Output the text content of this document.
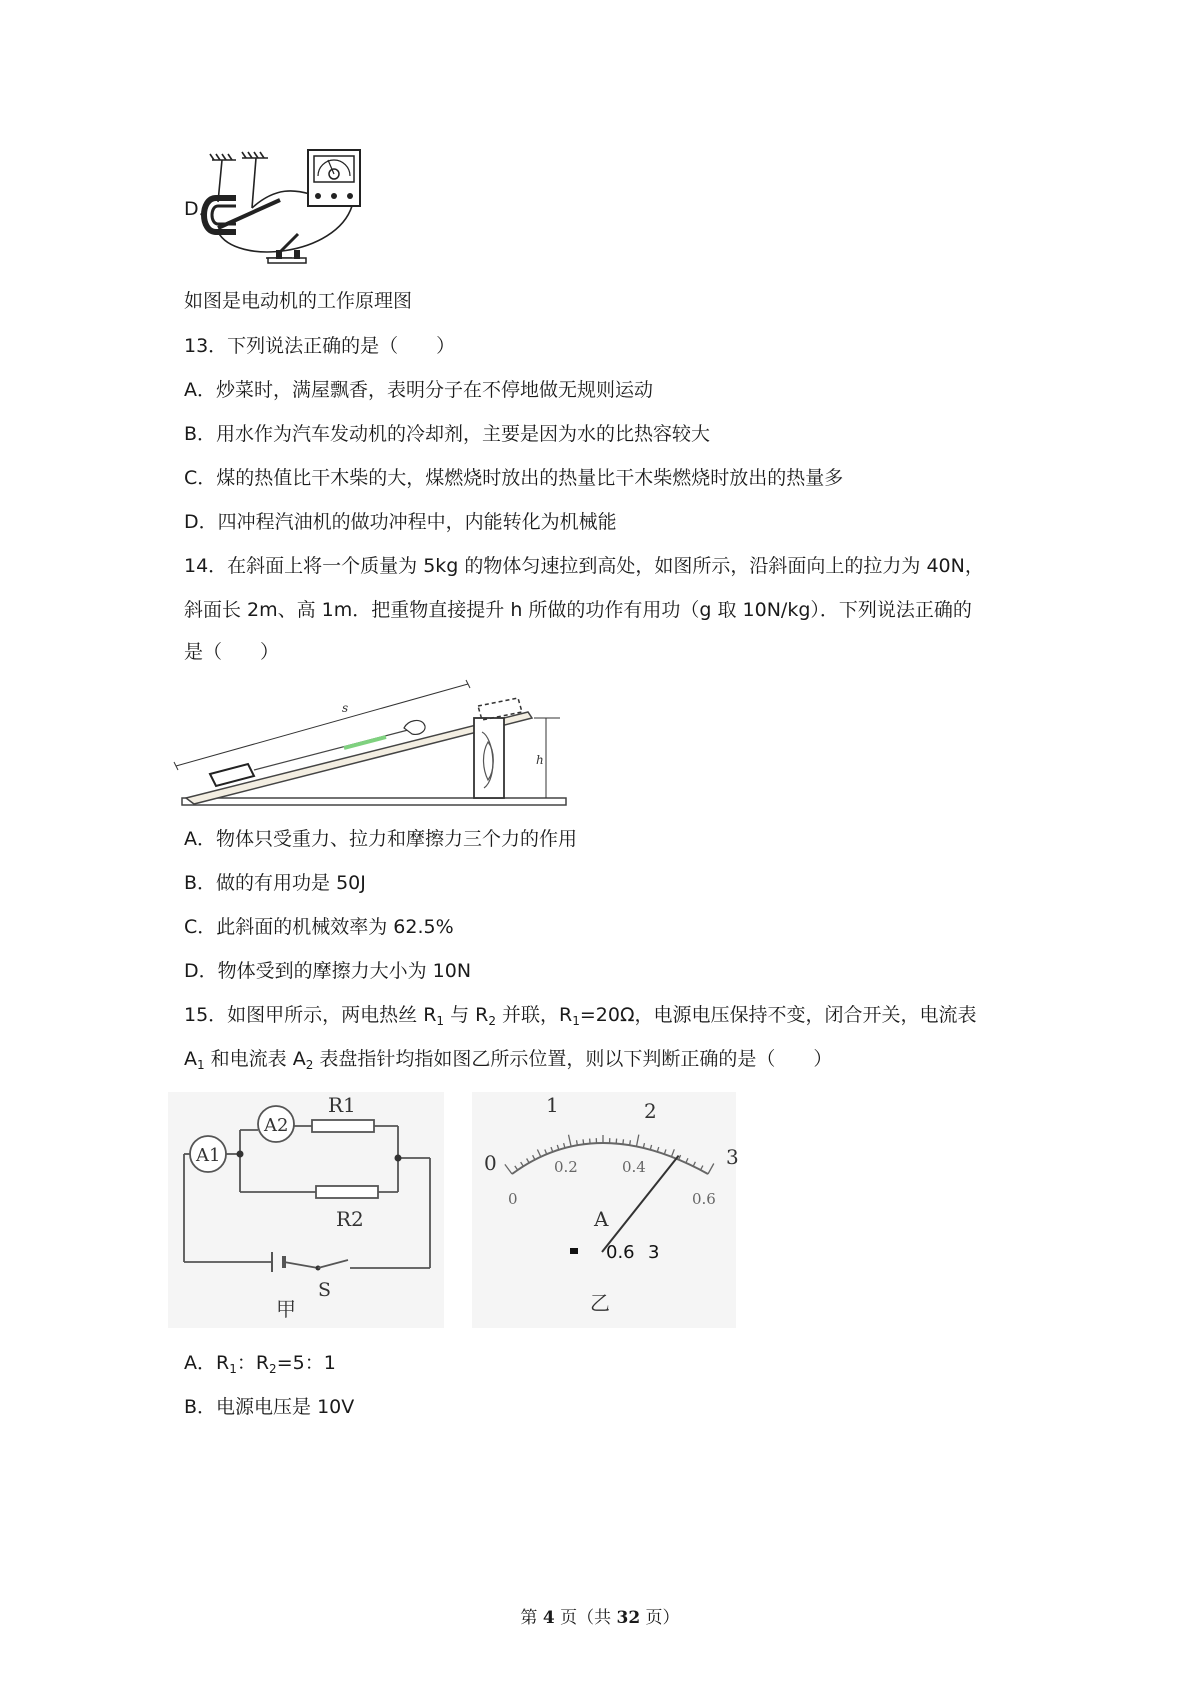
D．
如图是电动机的工作原理图
13．下列说法正确的是（　　）
A．炒菜时，满屋飘香，表明分子在不停地做无规则运动
B．用水作为汽车发动机的冷却剂，主要是因为水的比热容较大
C．煤的热值比干木柴的大，煤燃烧时放出的热量比干木柴燃烧时放出的热量多
D．四冲程汽油机的做功冲程中，内能转化为机械能
14．在斜面上将一个质量为 5kg 的物体匀速拉到高处，如图所示，沿斜面向上的拉力为 40N，
斜面长 2m、高 1m．把重物直接提升 h 所做的功作有用功（g 取 10N/kg）．下列说法正确的
是（　　）
s
h
A．物体只受重力、拉力和摩擦力三个力的作用
B．做的有用功是 50J
C．此斜面的机械效率为 62.5%
D．物体受到的摩擦力大小为 10N
15．如图甲所示，两电热丝 $R_1$ 与 $R_2$ 并联，$R_1=20\Omega$，电源电压保持不变，闭合开关，电流表
$A_1$ 和电流表 $A_2$ 表盘指针均指如图乙所示位置，则以下判断正确的是（　　）
A1
A2
R1
R2
S
甲
0
1	2
3
0
0.2	0.4
0.6
A
0.6 3
乙
A．$R_1$：$R_2=5$：1
B．电源电压是 10V
第 4 页（共 32 页）
